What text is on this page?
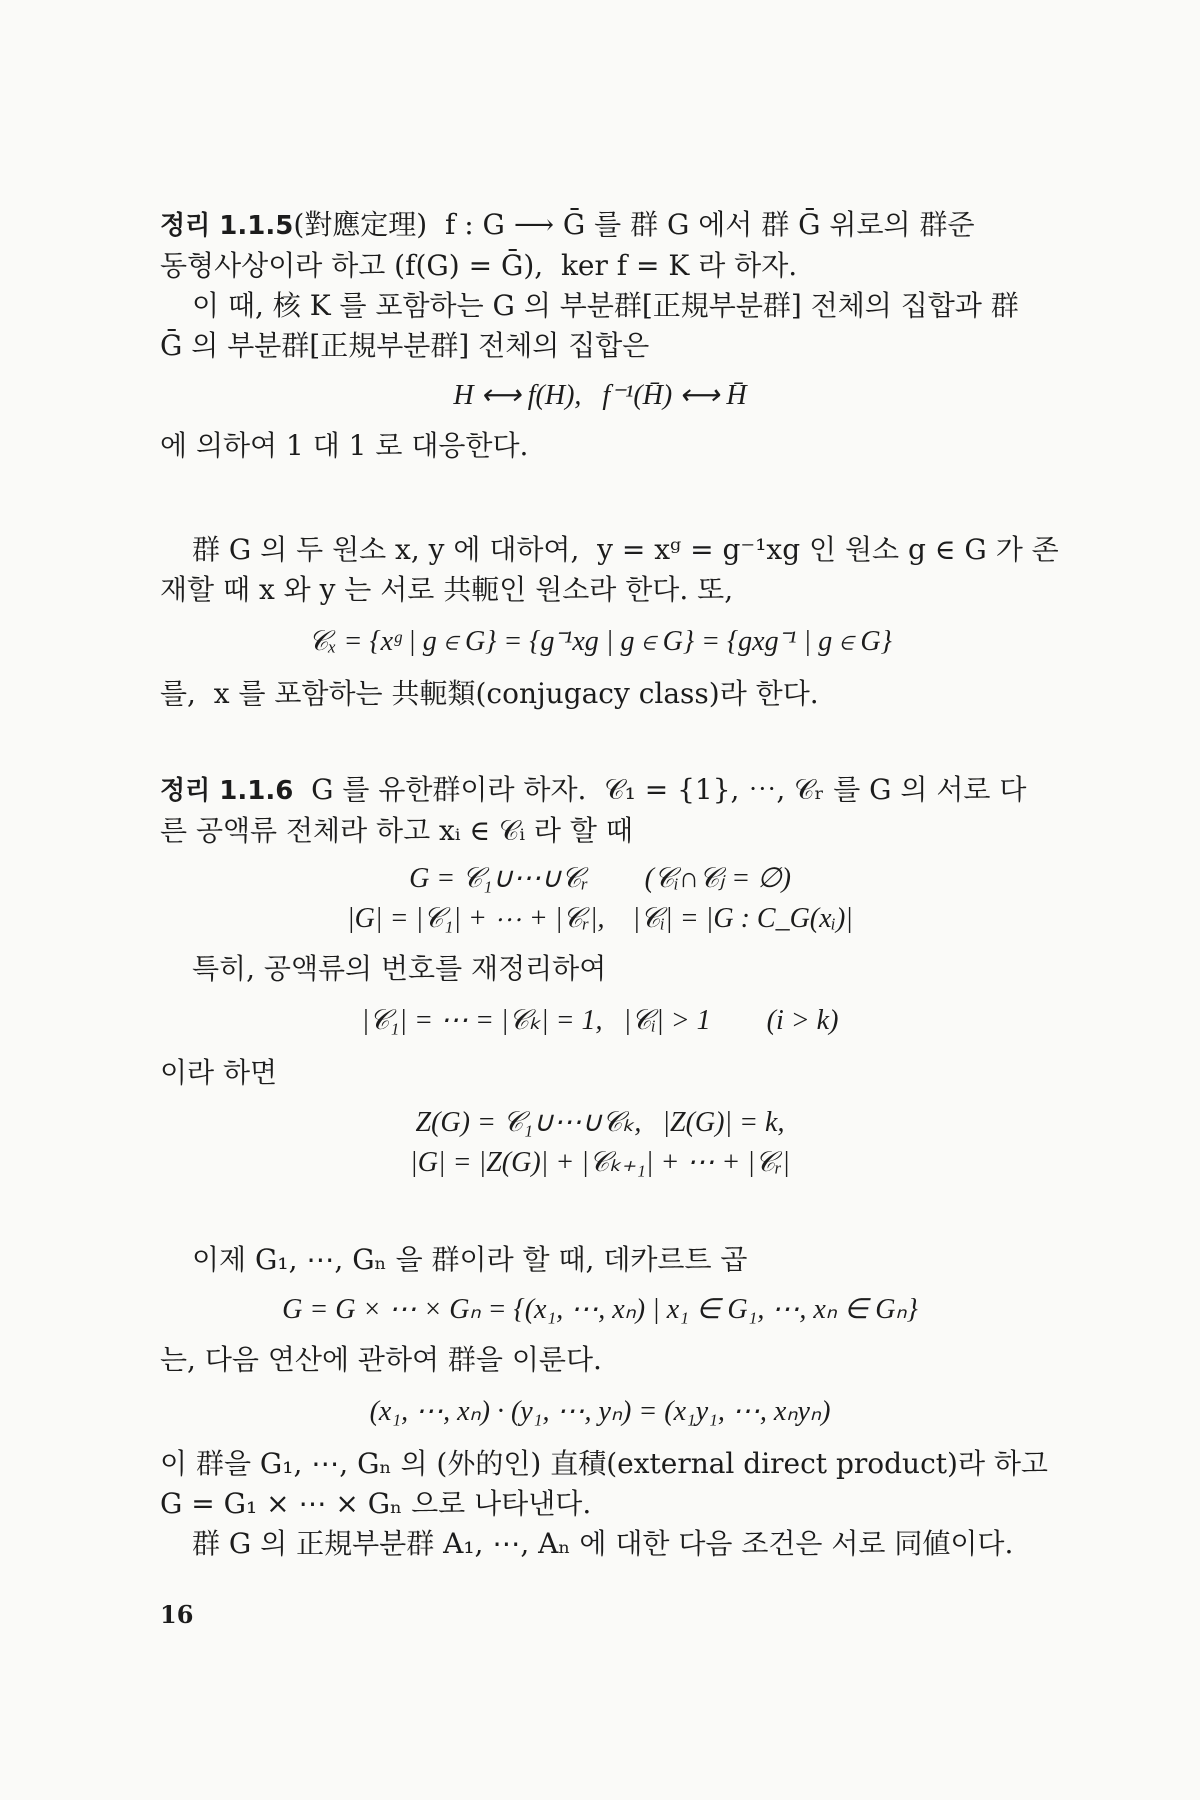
정리 1.1.5(對應定理)  f : G ⟶ Ḡ 를 群 G 에서 群 Ḡ 위로의 群준
동형사상이라 하고 (f(G) = Ḡ),  ker f = K 라 하자.
이 때, 核 K 를 포함하는 G 의 부분群[正規부분群] 전체의 집합과 群
Ḡ 의 부분群[正規부분群] 전체의 집합은
H ⟷ f(H),   f⁻¹(H̄) ⟷ H̄
에 의하여 1 대 1 로 대응한다.
群 G 의 두 원소 x, y 에 대하여,  y = xᵍ = g⁻¹xg 인 원소 g ∈ G 가 존
재할 때 x 와 y 는 서로 共軛인 원소라 한다. 또,
𝒞ₓ = {xᵍ | g ∈ G} = {g⁻¹xg | g ∈ G} = {gxg⁻¹ | g ∈ G}
를,  x 를 포함하는 共軛類(conjugacy class)라 한다.
정리 1.1.6  G 를 유한群이라 하자.  𝒞₁ = {1}, ⋯, 𝒞ᵣ 를 G 의 서로 다
른 공액류 전체라 하고 xᵢ ∈ 𝒞ᵢ 라 할 때
G = 𝒞₁∪⋯∪𝒞ᵣ        (𝒞ᵢ∩𝒞ⱼ = ∅)
|G| = |𝒞₁| + ⋯ + |𝒞ᵣ|,    |𝒞ᵢ| = |G : C_G(xᵢ)|
특히, 공액류의 번호를 재정리하여
|𝒞₁| = ⋯ = |𝒞ₖ| = 1,   |𝒞ᵢ| > 1        (i > k)
이라 하면
Z(G) = 𝒞₁∪⋯∪𝒞ₖ,   |Z(G)| = k,
|G| = |Z(G)| + |𝒞ₖ₊₁| + ⋯ + |𝒞ᵣ|
이제 G₁, ⋯, Gₙ 을 群이라 할 때, 데카르트 곱
G = G × ⋯ × Gₙ = {(x₁, ⋯, xₙ) | x₁ ∈ G₁, ⋯, xₙ ∈ Gₙ}
는, 다음 연산에 관하여 群을 이룬다.
(x₁, ⋯, xₙ) · (y₁, ⋯, yₙ) = (x₁y₁, ⋯, xₙyₙ)
이 群을 G₁, ⋯, Gₙ 의 (外的인) 直積(external direct product)라 하고
G = G₁ × ⋯ × Gₙ 으로 나타낸다.
群 G 의 正規부분群 A₁, ⋯, Aₙ 에 대한 다음 조건은 서로 同値이다.
16
